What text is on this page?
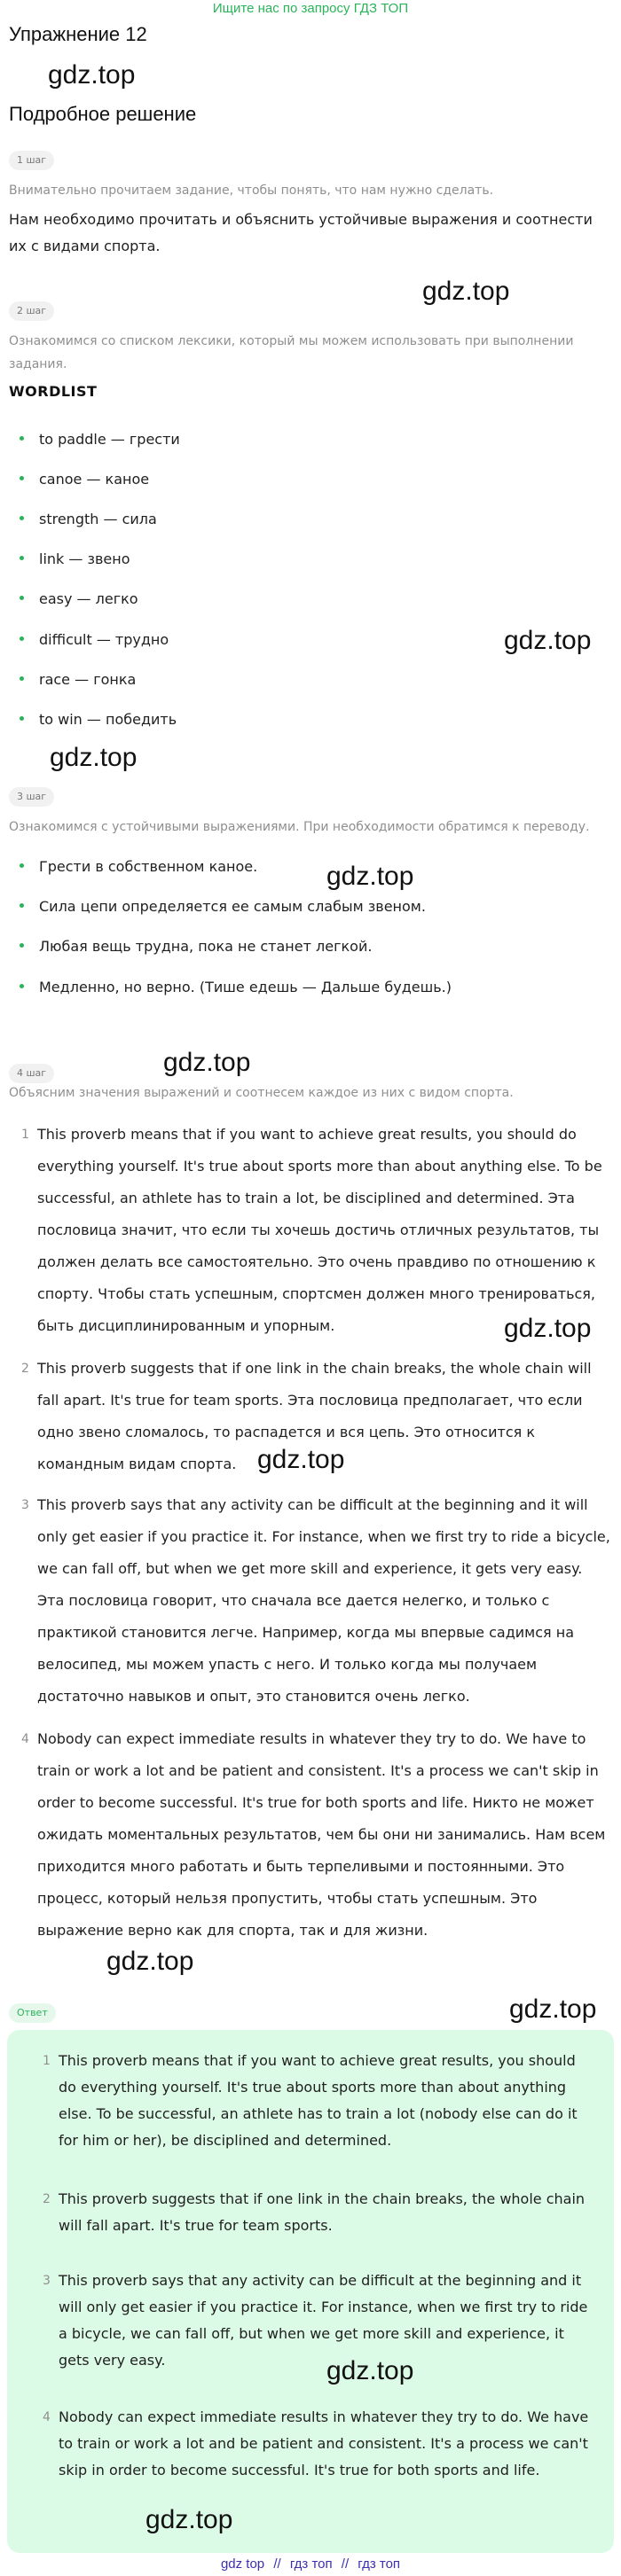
Ищите нас по запросу ГДЗ ТОП
Упражнение 12
gdz.top
Подробное решение
1 шаг
Внимательно прочитаем задание, чтобы понять, что нам нужно сделать.
Нам необходимо прочитать и объяснить устойчивые выражения и соотнести их с видами спорта.
gdz.top
2 шаг
Ознакомимся со списком лексики, который мы можем использовать при выполнении задания.
WORDLIST
to paddle — грести
canoe — каное
strength — сила
link — звено
easy — легко
difficult — трудно
race — гонка
to win — победить
gdz.top
gdz.top
3 шаг
Ознакомимся с устойчивыми выражениями. При необходимости обратимся к переводу.
Грести в собственном каное.
Сила цепи определяется ее самым слабым звеном.
Любая вещь трудна, пока не станет легкой.
Медленно, но верно. (Тише едешь — Дальше будешь.)
gdz.top
gdz.top
4 шаг
Объясним значения выражений и соотнесем каждое из них с видом спорта.
1 This proverb means that if you want to achieve great results, you should do everything yourself. It's true about sports more than about anything else. To be successful, an athlete has to train a lot, be disciplined and determined. Эта пословица значит, что если ты хочешь достичь отличных результатов, ты должен делать все самостоятельно. Это очень правдиво по отношению к спорту. Чтобы стать успешным, спортсмен должен много тренироваться, быть дисциплинированным и упорным.	gdz.top
2 This proverb suggests that if one link in the chain breaks, the whole chain will fall apart. It's true for team sports. Эта пословица предполагает, что если одно звено сломалось, то распадется и вся цепь. Это относится к командным видам спорта. gdz.top
3 This proverb says that any activity can be difficult at the beginning and it will only get easier if you practice it. For instance, when we first try to ride a bicycle, we can fall off, but when we get more skill and experience, it gets very easy. Эта пословица говорит, что сначала все дается нелегко, и только с практикой становится легче. Например, когда мы впервые садимся на велосипед, мы можем упасть с него. И только когда мы получаем достаточно навыков и опыт, это становится очень легко.
4 Nobody can expect immediate results in whatever they try to do. We have to train or work a lot and be patient and consistent. It's a process we can't skip in order to become successful. It's true for both sports and life. Никто не может ожидать моментальных результатов, чем бы они ни занимались. Нам всем приходится много работать и быть терпеливыми и постоянными. Это процесс, который нельзя пропустить, чтобы стать успешным. Это выражение верно как для спорта, так и для жизни.
gdz.top
Ответ	gdz.top
1 This proverb means that if you want to achieve great results, you should do everything yourself. It's true about sports more than about anything else. To be successful, an athlete has to train a lot (nobody else can do it for him or her), be disciplined and determined.
2 This proverb suggests that if one link in the chain breaks, the whole chain will fall apart. It's true for team sports.
3 This proverb says that any activity can be difficult at the beginning and it will only get easier if you practice it. For instance, when we first try to ride a bicycle, we can fall off, but when we get more skill and experience, it gets very easy.	gdz.top
4 Nobody can expect immediate results in whatever they try to do. We have to train or work a lot and be patient and consistent. It's a process we can't skip in order to become successful. It's true for both sports and life.
gdz.top
gdz top // гдз топ // гдз топ
